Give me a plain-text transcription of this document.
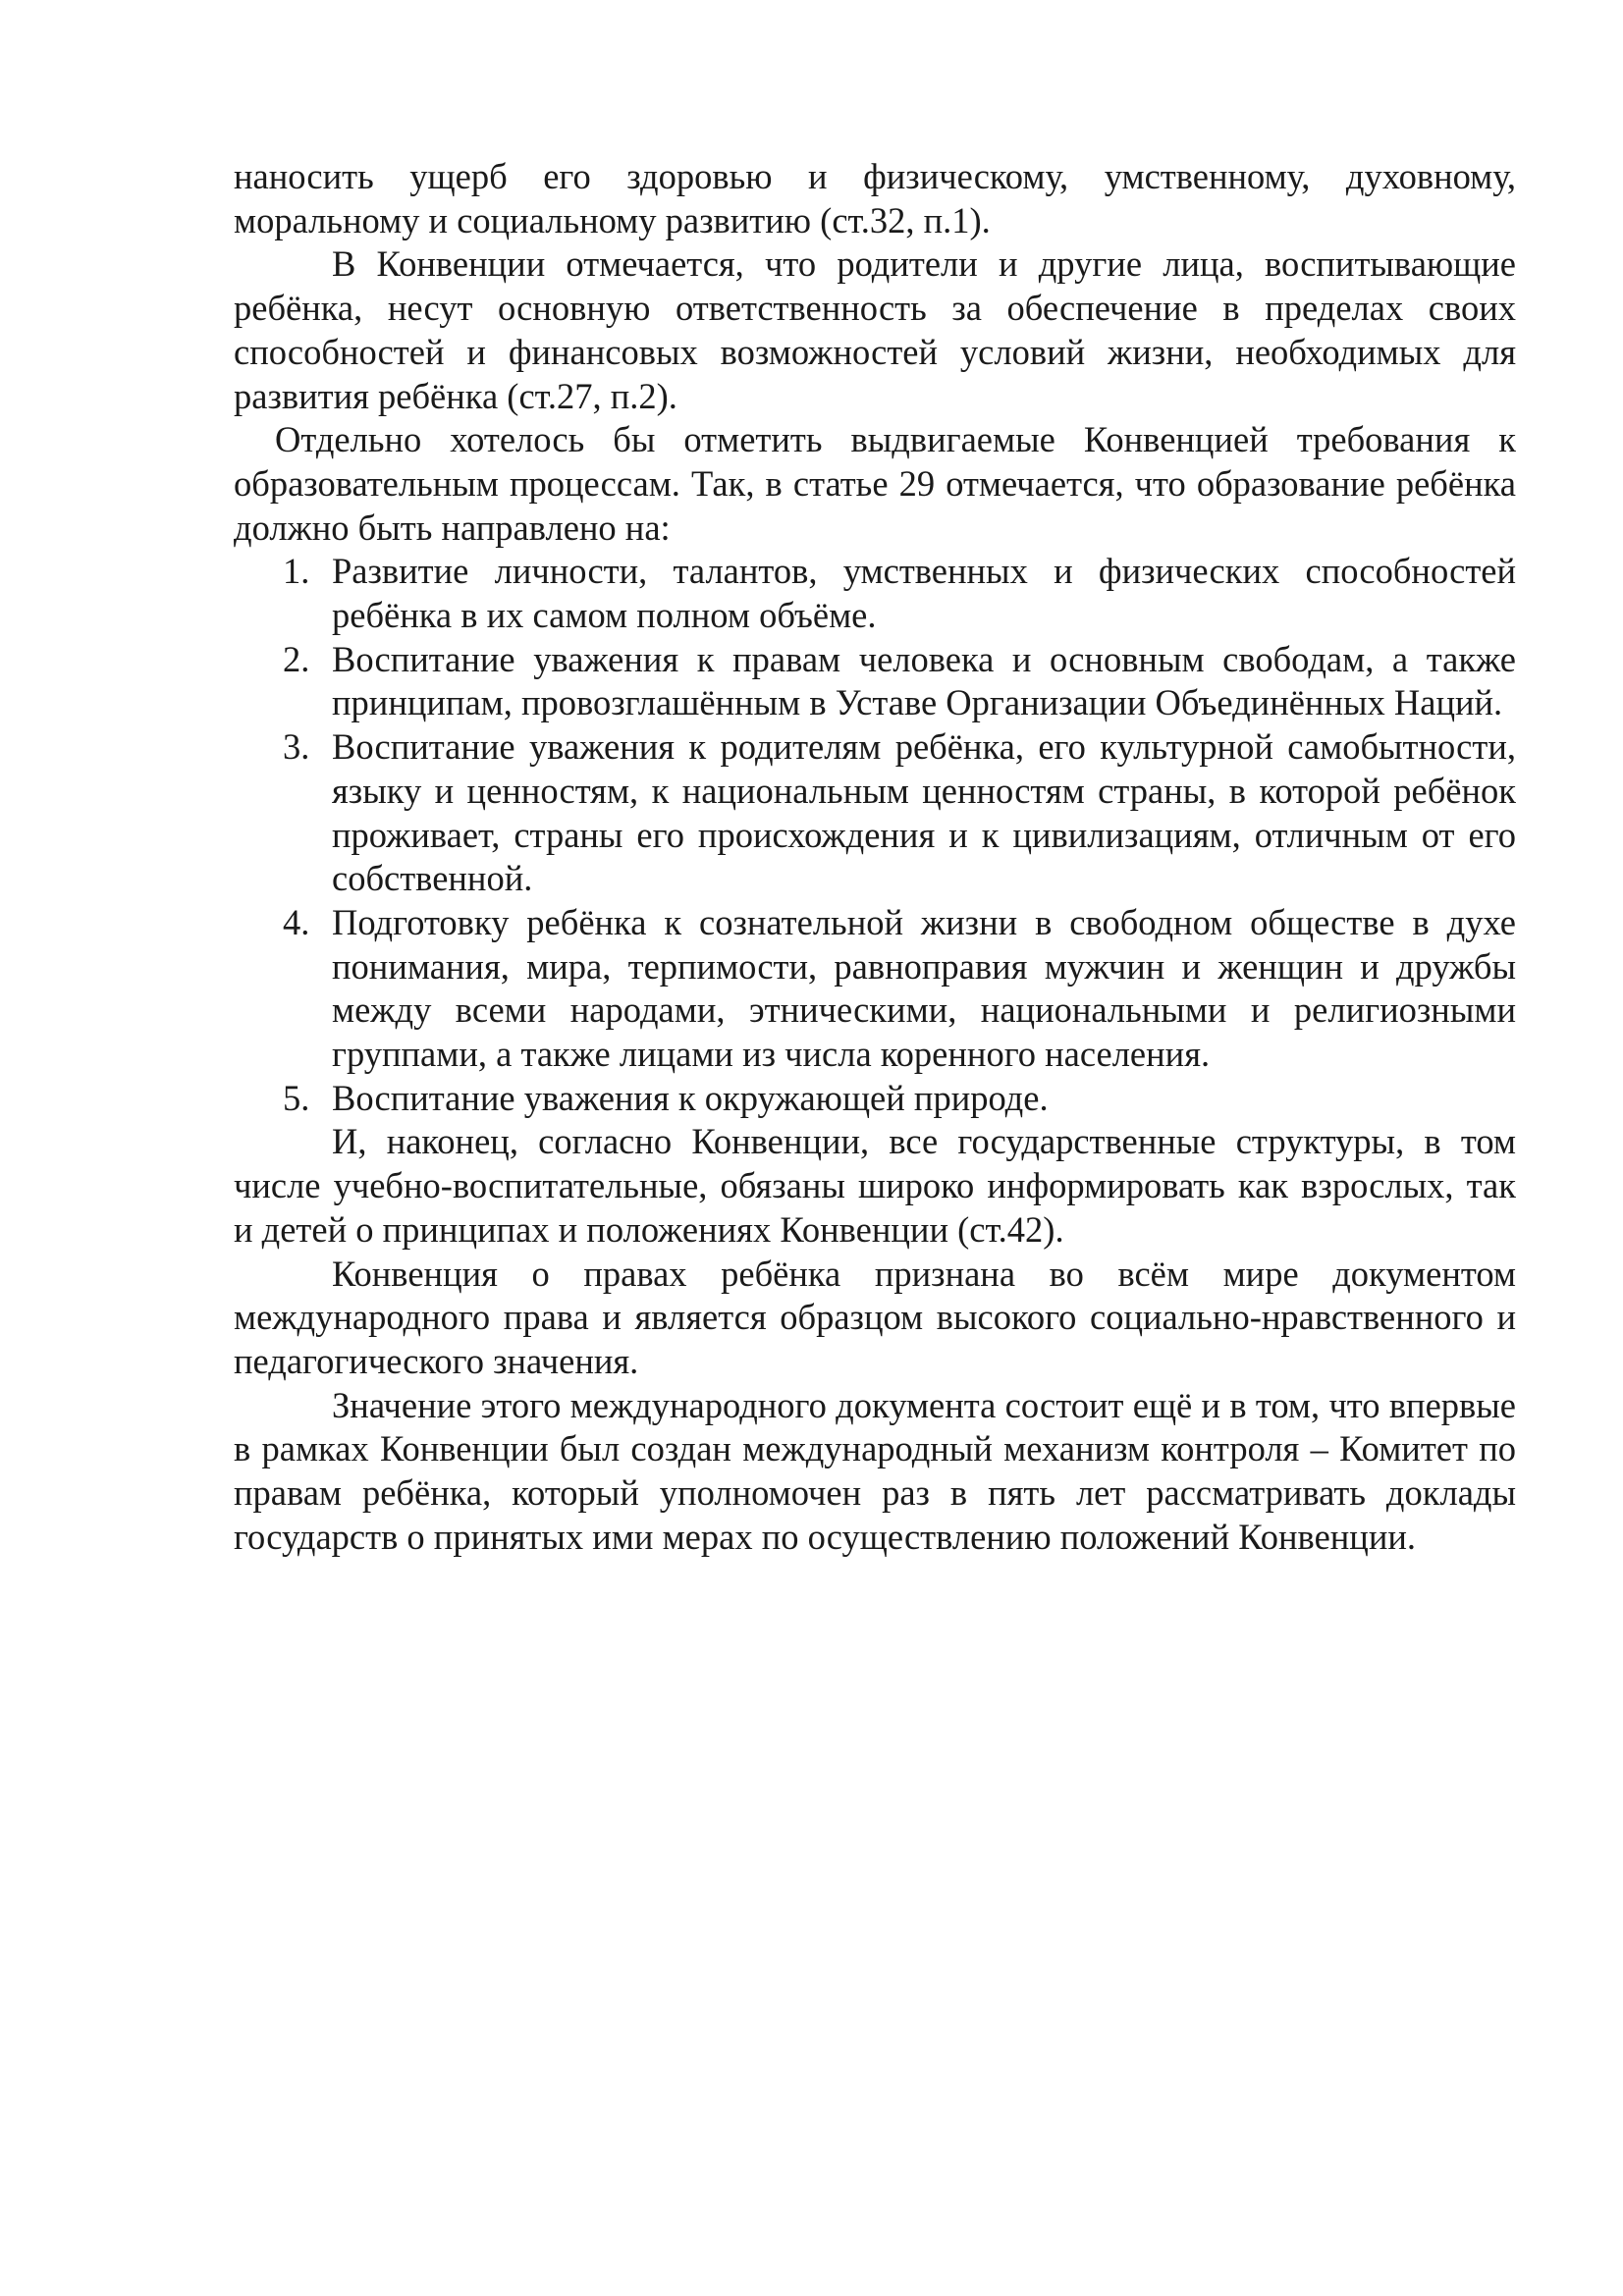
наносить ущерб его здоровью и физическому, умственному, духовному, моральному и социальному развитию (ст.32, п.1).

В Конвенции отмечается, что родители и другие лица, воспитывающие ребёнка, несут основную ответственность за обеспечение в пределах своих способностей и финансовых возможностей условий жизни, необходимых для развития ребёнка (ст.27, п.2).

Отдельно хотелось бы отметить выдвигаемые Конвенцией требования к образовательным процессам. Так, в статье 29 отмечается, что образование ребёнка должно быть направлено на:

1. Развитие личности, талантов, умственных и физических способностей ребёнка в их самом полном объёме.
2. Воспитание уважения к правам человека и основным свободам, а также принципам, провозглашённым в Уставе Организации Объединённых Наций.
3. Воспитание уважения к родителям ребёнка, его культурной самобытности, языку и ценностям, к национальным ценностям страны, в которой ребёнок проживает, страны его происхождения и к цивилизациям, отличным от его собственной.
4. Подготовку ребёнка к сознательной жизни в свободном обществе в духе понимания, мира, терпимости, равноправия мужчин и женщин и дружбы между всеми народами, этническими, национальными и религиозными группами, а также лицами из числа коренного населения.
5. Воспитание уважения к окружающей природе.

И, наконец, согласно Конвенции, все государственные структуры, в том числе учебно-воспитательные, обязаны широко информировать как взрослых, так и детей о принципах и положениях Конвенции (ст.42).

Конвенция о правах ребёнка признана во всём мире документом международного права и является образцом высокого социально-нравственного и педагогического значения.

Значение этого международного документа состоит ещё и в том, что впервые в рамках Конвенции был создан международный механизм контроля – Комитет по правам ребёнка, который уполномочен раз в пять лет рассматривать доклады государств о принятых ими мерах по осуществлению положений Конвенции.
